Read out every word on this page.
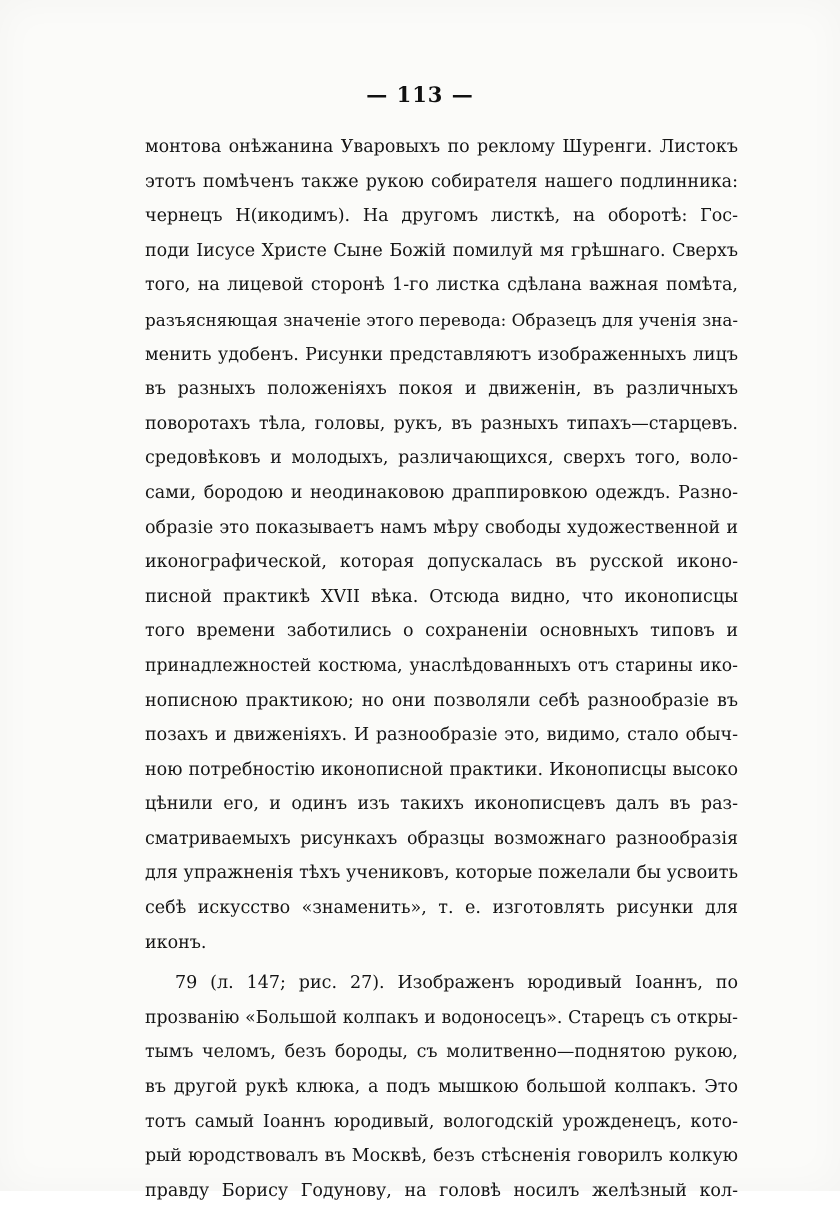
— 113 —
монтова онѣжанина Уваровыхъ по реклому Шуренги. Листокъ
этотъ помѣченъ также рукою собирателя нашего подлинника:
чернецъ Н(икодимъ). На другомъ листкѣ, на оборотѣ: Гос-
поди Іисусе Христе Сыне Божій помилуй мя грѣшнаго. Сверхъ
того, на лицевой сторонѣ 1-го листка сдѣлана важная помѣта,
разъясняющая значеніе этого перевода: Образецъ для ученія зна-
менить удобенъ. Рисунки представляютъ изображенныхъ лицъ
въ разныхъ положеніяхъ покоя и движенін, въ различныхъ
поворотахъ тѣла, головы, рукъ, въ разныхъ типахъ—старцевъ.
средовѣковъ и молодыхъ, различающихся, сверхъ того, воло-
сами, бородою и неодинаковою драппировкою одеждъ. Разно-
образіе это показываетъ намъ мѣру свободы художественной и
иконографической, которая допускалась въ русской иконо-
писной практикѣ XVII вѣка. Отсюда видно, что иконописцы
того времени заботились о сохраненіи основныхъ типовъ и
принадлежностей костюма, унаслѣдованныхъ отъ старины ико-
нописною практикою; но они позволяли себѣ разнообразіе въ
позахъ и движеніяхъ. И разнообразіе это, видимо, стало обыч-
ною потребностію иконописной практики. Иконописцы высоко
цѣнили его, и одинъ изъ такихъ иконописцевъ далъ въ раз-
сматриваемыхъ рисункахъ образцы возможнаго разнообразія
для упражненія тѣхъ учениковъ, которые пожелали бы усвоить
себѣ искусство «знаменить», т. е. изготовлять рисунки для
иконъ.
79 (л. 147; рис. 27). Изображенъ юродивый Іоаннъ, по
прозванію «Большой колпакъ и водоносецъ». Старецъ съ откры-
тымъ челомъ, безъ бороды, съ молитвенно—поднятою рукою,
въ другой рукѣ клюка, а подъ мышкою большой колпакъ. Это
тотъ самый Іоаннъ юродивый, вологодскій урожденецъ, кото-
рый юродствовалъ въ Москвѣ, безъ стѣсненія говорилъ колкую
правду Борису Годунову, на головѣ носилъ желѣзный кол-
